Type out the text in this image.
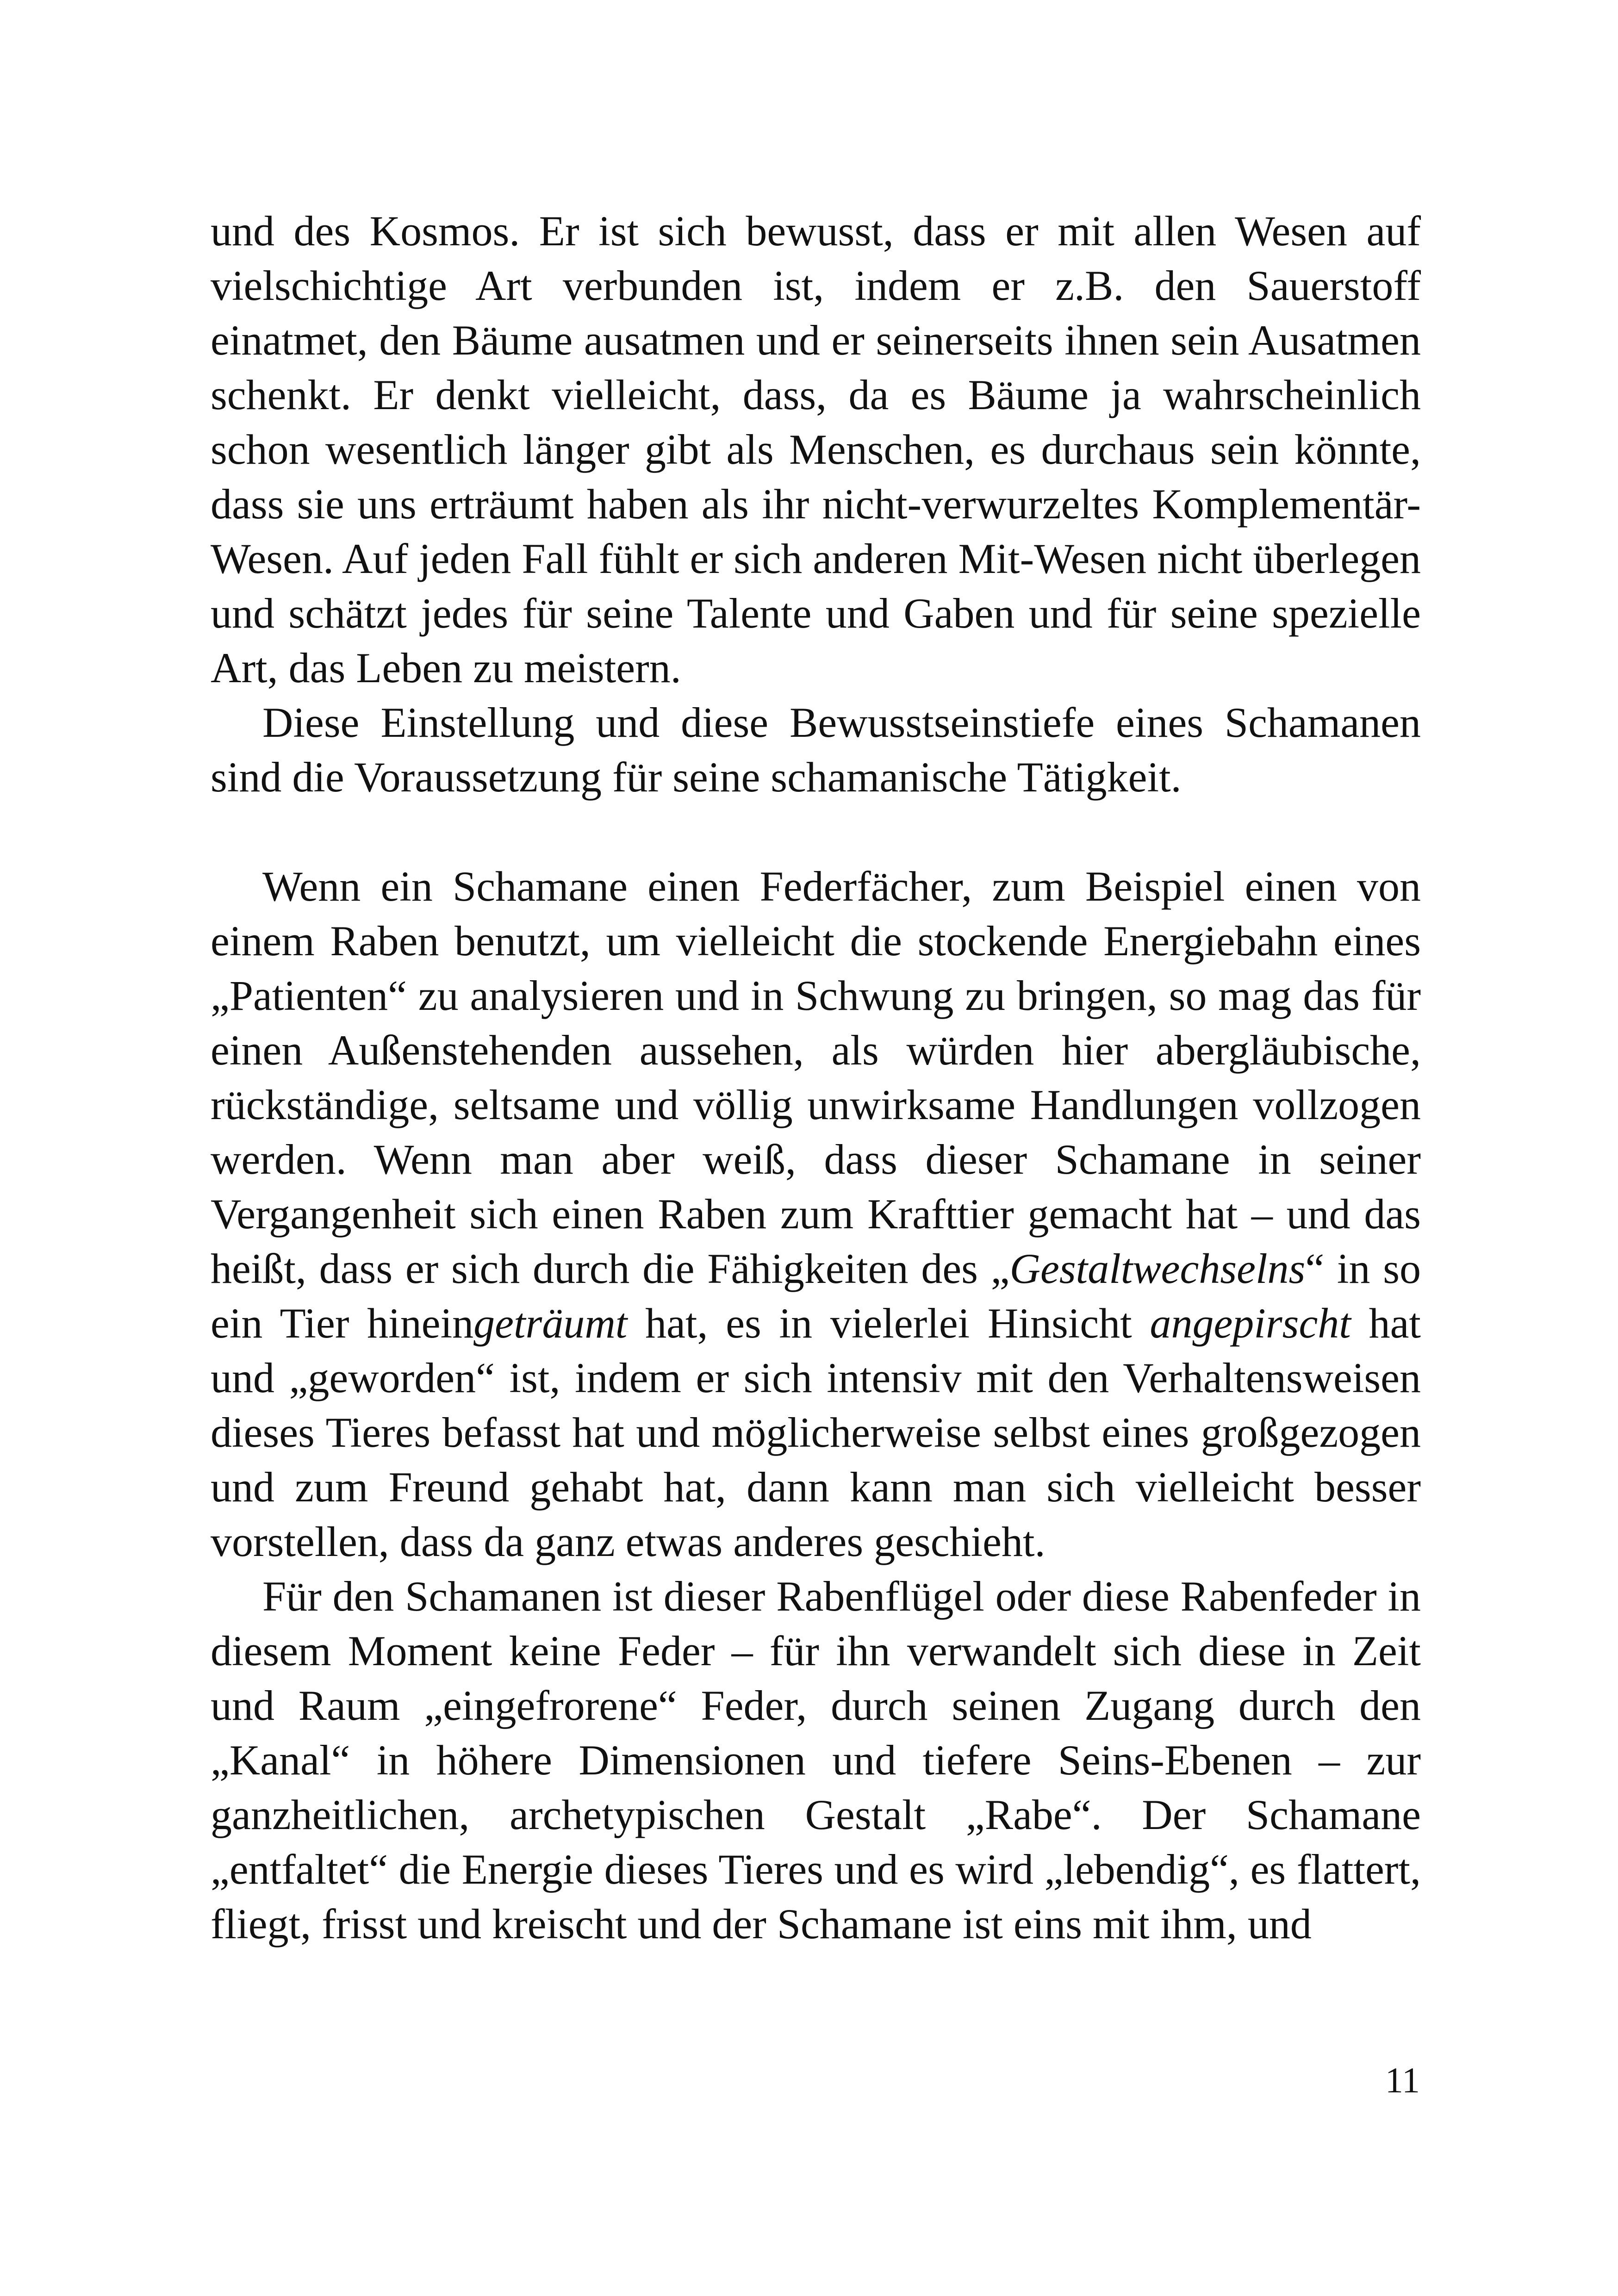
und des Kosmos. Er ist sich bewusst, dass er mit allen Wesen auf vielschichtige Art verbunden ist, indem er z.B. den Sauerstoff einatmet, den Bäume ausatmen und er seinerseits ihnen sein Ausatmen schenkt. Er denkt vielleicht, dass, da es Bäume ja wahrscheinlich schon wesentlich länger gibt als Menschen, es durchaus sein könnte, dass sie uns erträumt haben als ihr nicht-verwurzeltes Komplementär-Wesen. Auf jeden Fall fühlt er sich anderen Mit-Wesen nicht überlegen und schätzt jedes für seine Talente und Gaben und für seine spezielle Art, das Leben zu meistern.

Diese Einstellung und diese Bewusstseinstiefe eines Schamanen sind die Voraussetzung für seine schamanische Tätigkeit.

Wenn ein Schamane einen Federfächer, zum Beispiel einen von einem Raben benutzt, um vielleicht die stockende Energiebahn eines „Patienten“ zu analysieren und in Schwung zu bringen, so mag das für einen Außenstehenden aussehen, als würden hier abergläubische, rückständige, seltsame und völlig unwirksame Handlungen vollzogen werden. Wenn man aber weiß, dass dieser Schamane in seiner Vergangenheit sich einen Raben zum Krafttier gemacht hat – und das heißt, dass er sich durch die Fähigkeiten des „Gestaltwechselns“ in so ein Tier hineingeträumt hat, es in vielerlei Hinsicht angepirscht hat und „geworden“ ist, indem er sich intensiv mit den Verhaltensweisen dieses Tieres befasst hat und möglicherweise selbst eines großgezogen und zum Freund gehabt hat, dann kann man sich vielleicht besser vorstellen, dass da ganz etwas anderes geschieht.

Für den Schamanen ist dieser Rabenflügel oder diese Rabenfeder in diesem Moment keine Feder – für ihn verwandelt sich diese in Zeit und Raum „eingefrorene“ Feder, durch seinen Zugang durch den „Kanal“ in höhere Dimensionen und tiefere Seins-Ebenen – zur ganzheitlichen, archetypischen Gestalt „Rabe“. Der Schamane „entfaltet“ die Energie dieses Tieres und es wird „lebendig“, es flattert, fliegt, frisst und kreischt und der Schamane ist eins mit ihm, und

11
